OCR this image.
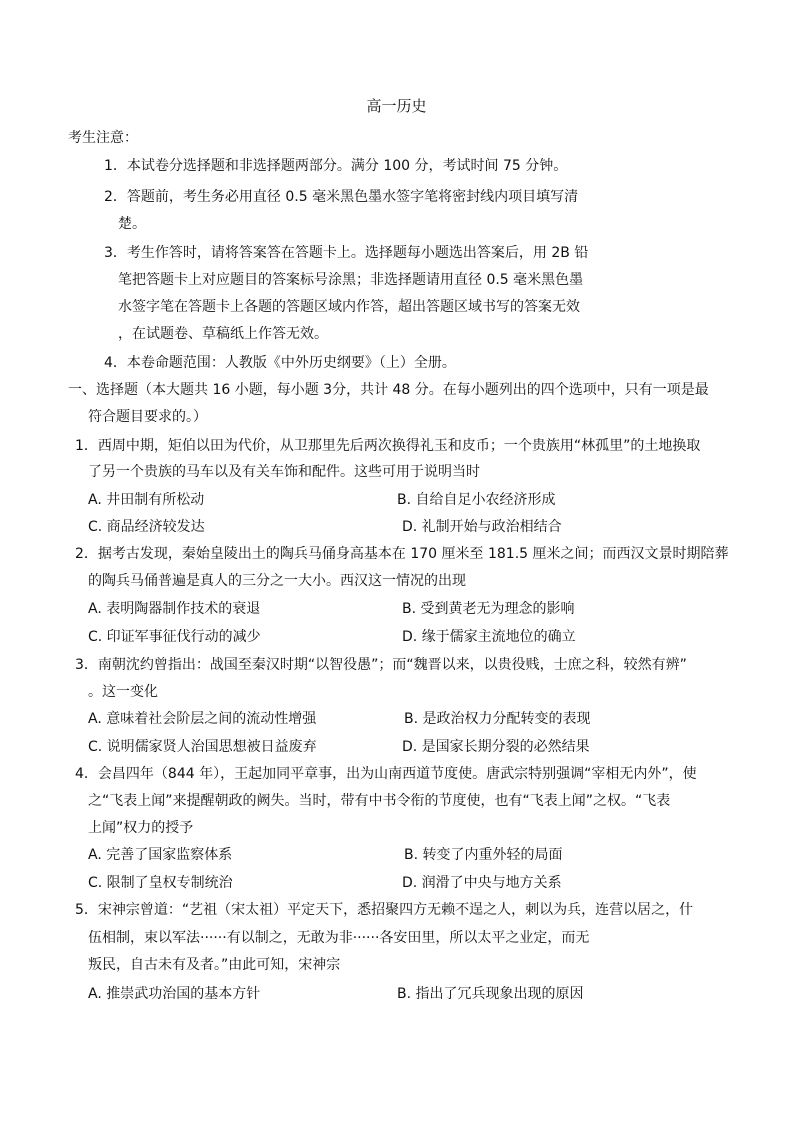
高一历史
考生注意：
1．本试卷分选择题和非选择题两部分。满分 100 分，考试时间 75 分钟。
2．答题前，考生务必用直径 0.5 毫米黑色墨水签字笔将密封线内项目填写清
楚。
3．考生作答时，请将答案答在答题卡上。选择题每小题选出答案后，用 2B 铅
笔把答题卡上对应题目的答案标号涂黑；非选择题请用直径 0.5 毫米黑色墨
水签字笔在答题卡上各题的答题区域内作答，超出答题区域书写的答案无效
，在试题卷、草稿纸上作答无效。
4．本卷命题范围：人教版《中外历史纲要》（上）全册。
一、选择题（本大题共 16 小题，每小题 3分，共计 48 分。在每小题列出的四个选项中，只有一项是最
符合题目要求的。）
1．西周中期，矩伯以田为代价，从卫那里先后两次换得礼玉和皮币；一个贵族用“林孤里”的土地换取
了另一个贵族的马车以及有关车饰和配件。这些可用于说明当时
A. 井田制有所松动	B. 自给自足小农经济形成
C. 商品经济较发达	D. 礼制开始与政治相结合
2．据考古发现，秦始皇陵出土的陶兵马俑身高基本在 170 厘米至 181.5 厘米之间；而西汉文景时期陪葬
的陶兵马俑普遍是真人的三分之一大小。西汉这一情况的出现
A. 表明陶器制作技术的衰退	B. 受到黄老无为理念的影响
C. 印证军事征伐行动的减少	D. 缘于儒家主流地位的确立
3．南朝沈约曾指出：战国至秦汉时期“以智役愚”；而“魏晋以来，以贵役贱，士庶之科，较然有辨”
。这一变化
A. 意味着社会阶层之间的流动性增强	B. 是政治权力分配转变的表现
C. 说明儒家贤人治国思想被日益废弃	D. 是国家长期分裂的必然结果
4．会昌四年（844 年），王起加同平章事，出为山南西道节度使。唐武宗特别强调“宰相无内外”，使
之“飞表上闻”来提醒朝政的阙失。当时，带有中书令衔的节度使，也有“飞表上闻”之权。“飞表
上闻”权力的授予
A. 完善了国家监察体系	B. 转变了内重外轻的局面
C. 限制了皇权专制统治	D. 润滑了中央与地方关系
5．宋神宗曾道：“艺祖（宋太祖）平定天下，悉招聚四方无赖不逞之人，刺以为兵，连营以居之，什
伍相制，束以军法······有以制之，无敢为非······各安田里，所以太平之业定，而无
叛民，自古未有及者。”由此可知，宋神宗
A. 推崇武功治国的基本方针	B. 指出了冗兵现象出现的原因
